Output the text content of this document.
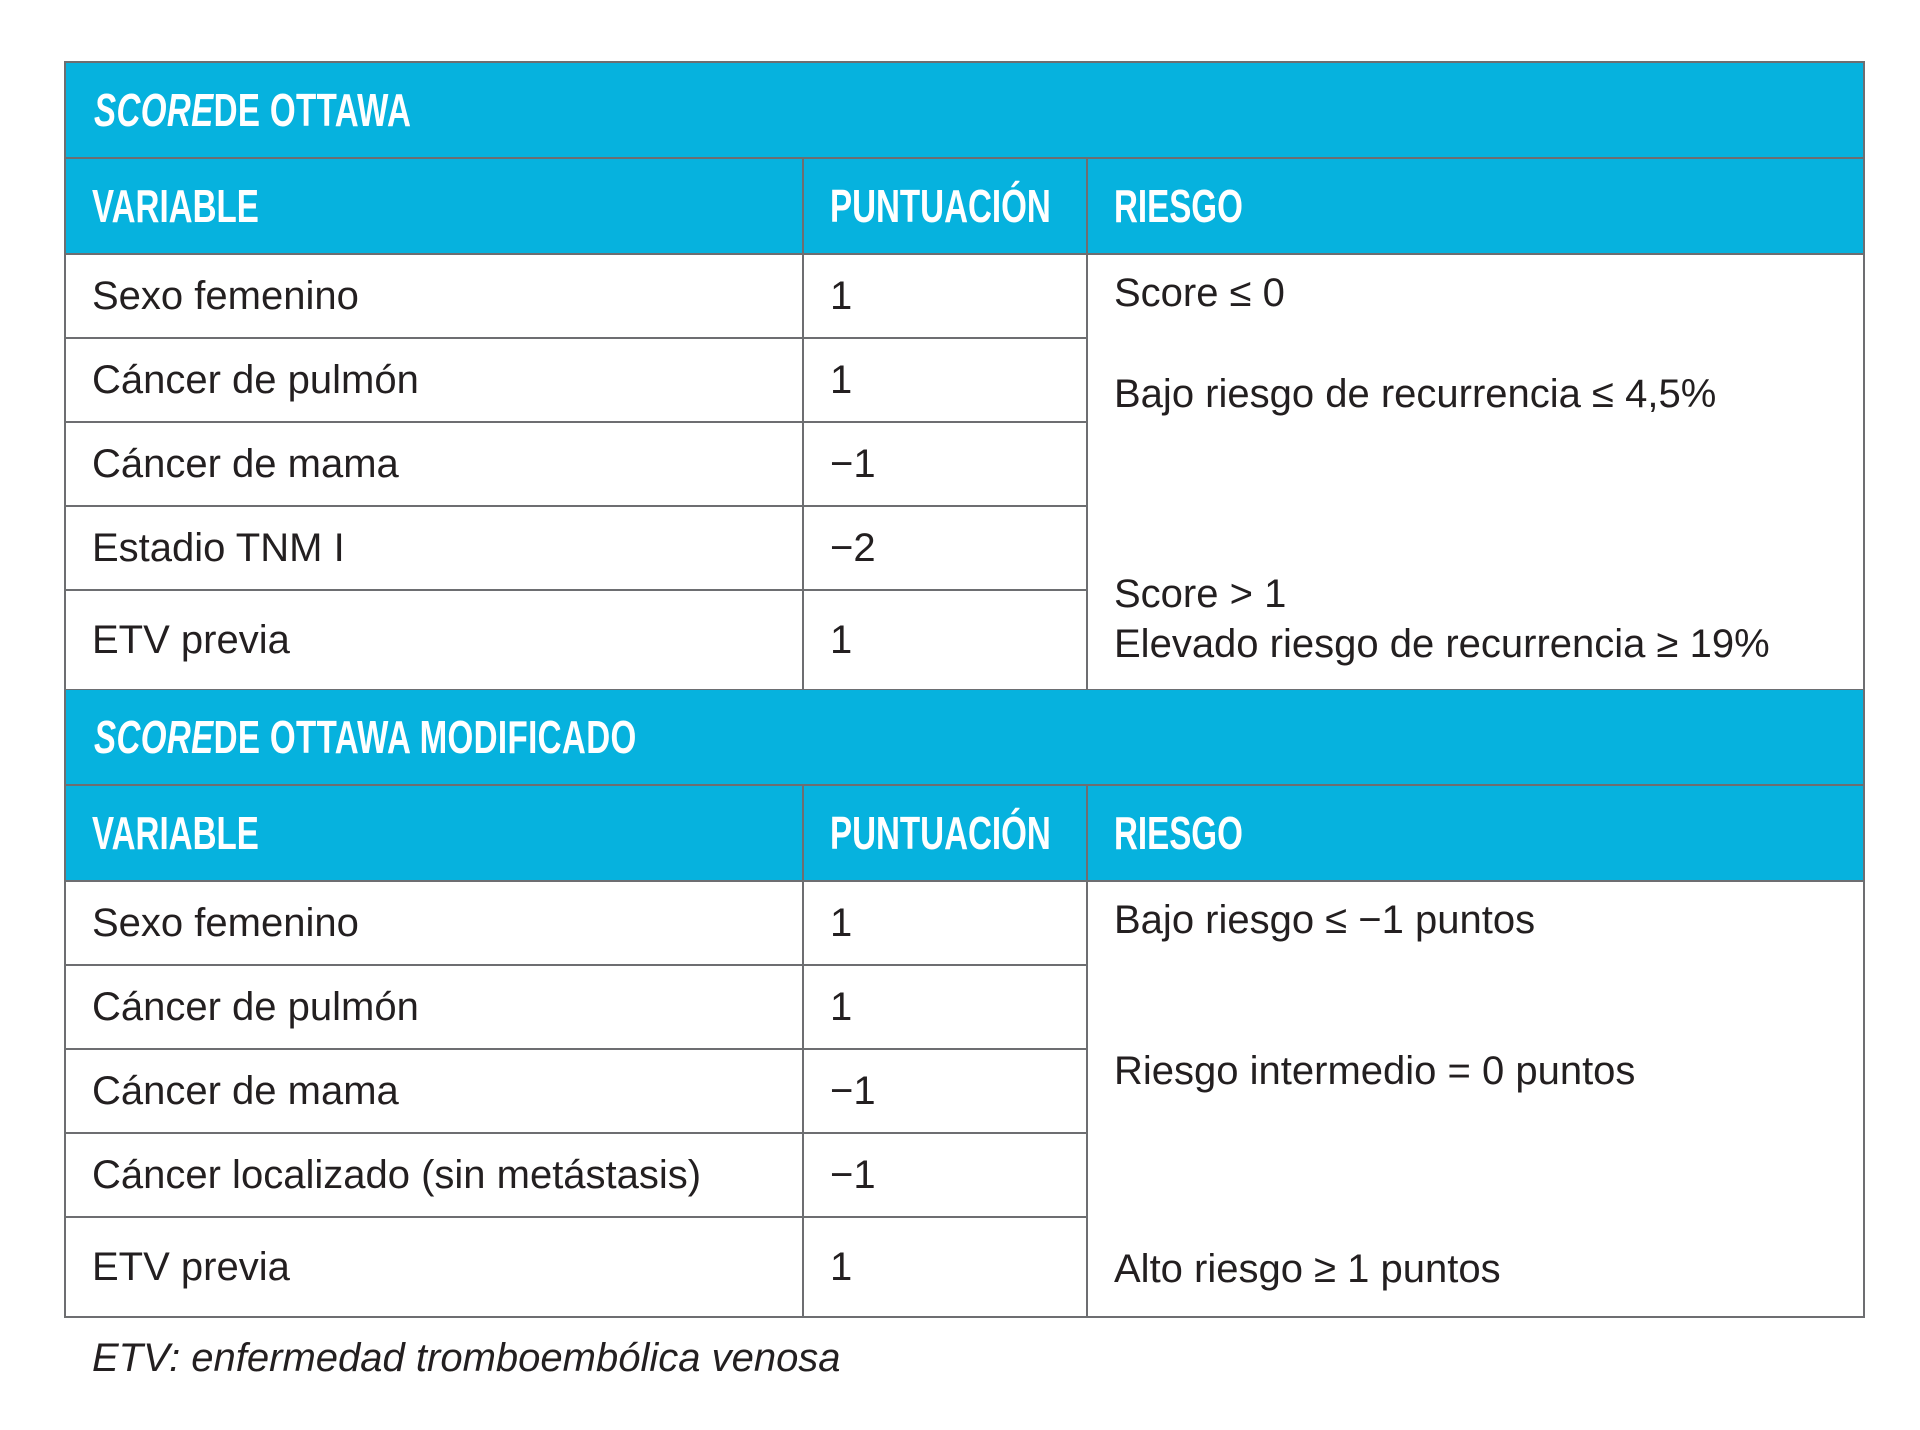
SCOREDE OTTAWA
VARIABLE	PUNTUACIÓN RIESGO
Sexo femenino
Cáncer de pulmón
Cáncer de mama
Estadio TNM I
ETV previa
1
1
−1
−2
1
Score ≤ 0
Bajo riesgo de recurrencia ≤ 4,5%
Score > 1
Elevado riesgo de recurrencia ≥ 19%
SCOREDE OTTAWA MODIFICADO
VARIABLE	PUNTUACIÓN RIESGO
Sexo femenino
Cáncer de pulmón
Cáncer de mama
Cáncer localizado (sin metástasis)
ETV previa
1
1
−1
−1
1
Bajo riesgo ≤ −1 puntos
Riesgo intermedio = 0 puntos
Alto riesgo ≥ 1 puntos
ETV: enfermedad tromboembólica venosa
